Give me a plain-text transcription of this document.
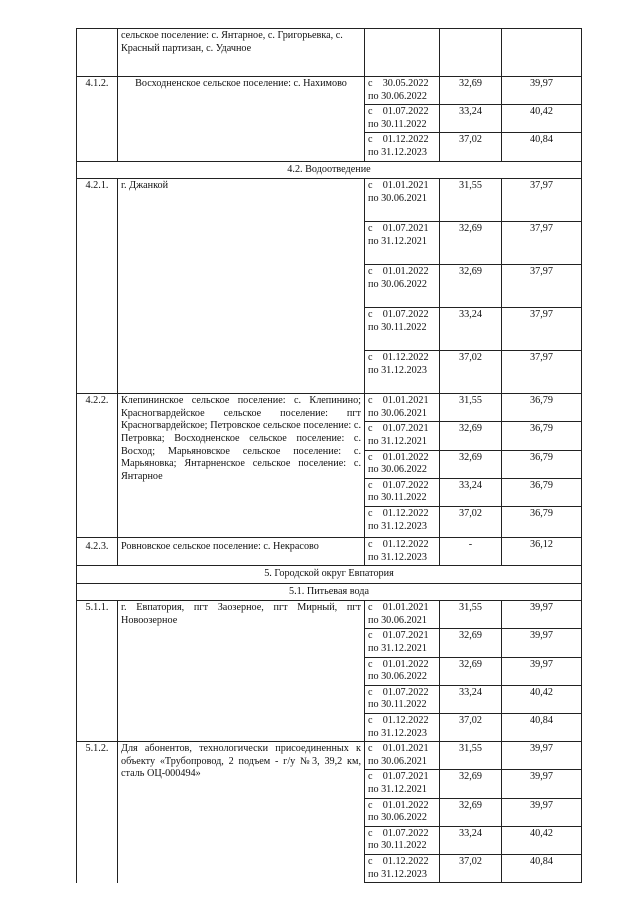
	сельское поселение: с. Янтарное, с. Григорьевка, с. Красный партизан, с. Удачное			
4.1.2.	Восходненское сельское поселение: с. Нахимово	с    30.05.2022
по 30.06.2022	32,69	39,97

		с    01.07.2022
по 30.11.2022	33,24	40,42

		с    01.12.2022
по 31.12.2023	37,02	40,84
4.2. Водоотведение				
4.2.1.	г. Джанкой	с    01.01.2021
по 30.06.2021	31,55	37,97

		с    01.07.2021
по 31.12.2021	32,69	37,97

		с    01.01.2022
по 30.06.2022	32,69	37,97

		с    01.07.2022
по 30.11.2022	33,24	37,97

		с    01.12.2022
по 31.12.2023	37,02	37,97
4.2.2.	Клепининское сельское поселение: с. Клепинино; Красногвардейское сельское поселение: пгт Красногвардейское; Петровское сельское поселение: с. Петровка; Восходненское сельское поселение: с. Восход; Марьяновское сельское поселение: с. Марьяновка; Янтарненское сельское поселение: с. Янтарное	с    01.01.2021
по 30.06.2021	31,55	36,79

		с    01.07.2021
по 31.12.2021	32,69	36,79

		с    01.01.2022
по 30.06.2022	32,69	36,79

		с    01.07.2022
по 30.11.2022	33,24	36,79

		с    01.12.2022
по 31.12.2023	37,02	36,79
4.2.3.	Ровновское сельское поселение: с. Некрасово	с    01.12.2022
по 31.12.2023	-	36,12
5. Городской округ Евпатория				
5.1. Питьевая вода				
5.1.1.	г. Евпатория, пгт Заозерное, пгт Мирный, пгт Новоозерное	с    01.01.2021
по 30.06.2021	31,55	39,97

		с    01.07.2021
по 31.12.2021	32,69	39,97

		с    01.01.2022
по 30.06.2022	32,69	39,97

		с    01.07.2022
по 30.11.2022	33,24	40,42

		с    01.12.2022
по 31.12.2023	37,02	40,84
5.1.2.	Для абонентов, технологически присоединенных к объекту «Трубопровод, 2 подъем - г/у №3, 39,2 км, сталь ОЦ-000494»	с    01.01.2021
по 30.06.2021	31,55	39,97

		с    01.07.2021
по 31.12.2021	32,69	39,97

		с    01.01.2022
по 30.06.2022	32,69	39,97

		с    01.07.2022
по 30.11.2022	33,24	40,42

		с    01.12.2022
по 31.12.2023	37,02	40,84
